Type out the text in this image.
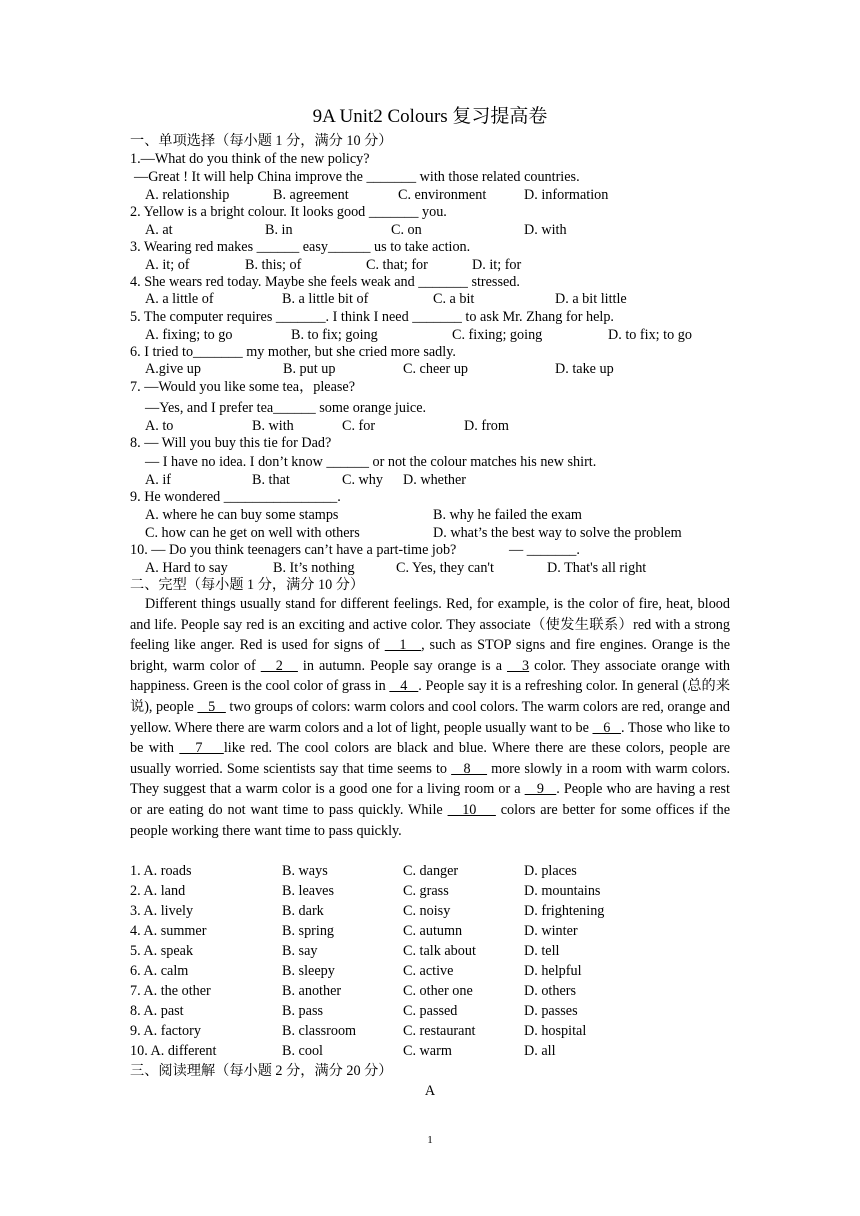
9A Unit2 Colours 复习提高卷
一、单项选择（每小题 1 分，满分 10 分）
1.—What do you think of the new policy?
—Great ! It will help China improve the _______ with those related countries.
A. relationship	B. agreement	C. environment	D. information
2. Yellow is a bright colour. It looks good _______ you.
A. at	B. in	C. on	D. with
3. Wearing red makes ______ easy______ us to take action.
A. it; of	B. this; of	C. that; for	D. it; for
4. She wears red today. Maybe she feels weak and _______ stressed.
A. a little of	B. a little bit of	C. a bit	D. a bit little
5. The computer requires _______. I think I need _______ to ask Mr. Zhang for help.
A. fixing; to go	B. to fix; going	C. fixing; going	D. to fix; to go
6. I tried to_______ my mother, but she cried more sadly.
A.give up	B. put up	C. cheer up	D. take up
7. —Would you like some tea，please?
—Yes, and I prefer tea______ some orange juice.
A. to	B. with	C. for	D. from
8. — Will you buy this tie for Dad?
— I have no idea. I don’t know ______ or not the colour matches his new shirt.
A. if	B. that	C. why D. whether
9. He wondered ________________.
A. where he can buy some stamps	B. why he failed the exam
C. how can he get on well with others	D. what’s the best way to solve the problem
10. — Do you think teenagers can’t have a part-time job?	— _______.
A. Hard to say	B. It’s nothing	C. Yes, they can't	D. That's all right
二、完型（每小题 1 分，满分 10 分）
Different things usually stand for different feelings. Red, for example, is the color of fire, heat, blood and life. People say red is an exciting and active color. They associate（使发生联系）red with a strong feeling like anger. Red is used for signs of    1   , such as STOP signs and fire engines. Orange is the bright, warm color of    2    in autumn. People say orange is a    3 color. They associate orange with happiness. Green is the cool color of grass in    4   . People say it is a refreshing color. In general (总的来说), people    5    two groups of colors: warm colors and cool colors. The warm colors are red, orange and yellow. Where there are warm colors and a lot of light, people usually want to be    6   . Those who like to be with    7    like red. The cool colors are black and blue. Where there are these colors, people are usually worried. Some scientists say that time seems to    8     more slowly in a room with warm colors. They suggest that a warm color is a good one for a living room or a    9   . People who are having a rest or are eating do not want time to pass quickly. While    10     colors are better for some offices if the people working there want time to pass quickly.
1. A. roads	B. ways	C. danger	D. places
2. A. land	B. leaves	C. grass	D. mountains
3. A. lively	B. dark	C. noisy	D. frightening
4. A. summer	B. spring	C. autumn	D. winter
5. A. speak	B. say	C. talk about	D. tell
6. A. calm	B. sleepy	C. active	D. helpful
7. A. the other	B. another	C. other one	D. others
8. A. past	B. pass	C. passed	D. passes
9. A. factory	B. classroom	C. restaurant	D. hospital
10. A. different	B. cool	C. warm	D. all
三、阅读理解（每小题 2 分，满分 20 分）
A
1
